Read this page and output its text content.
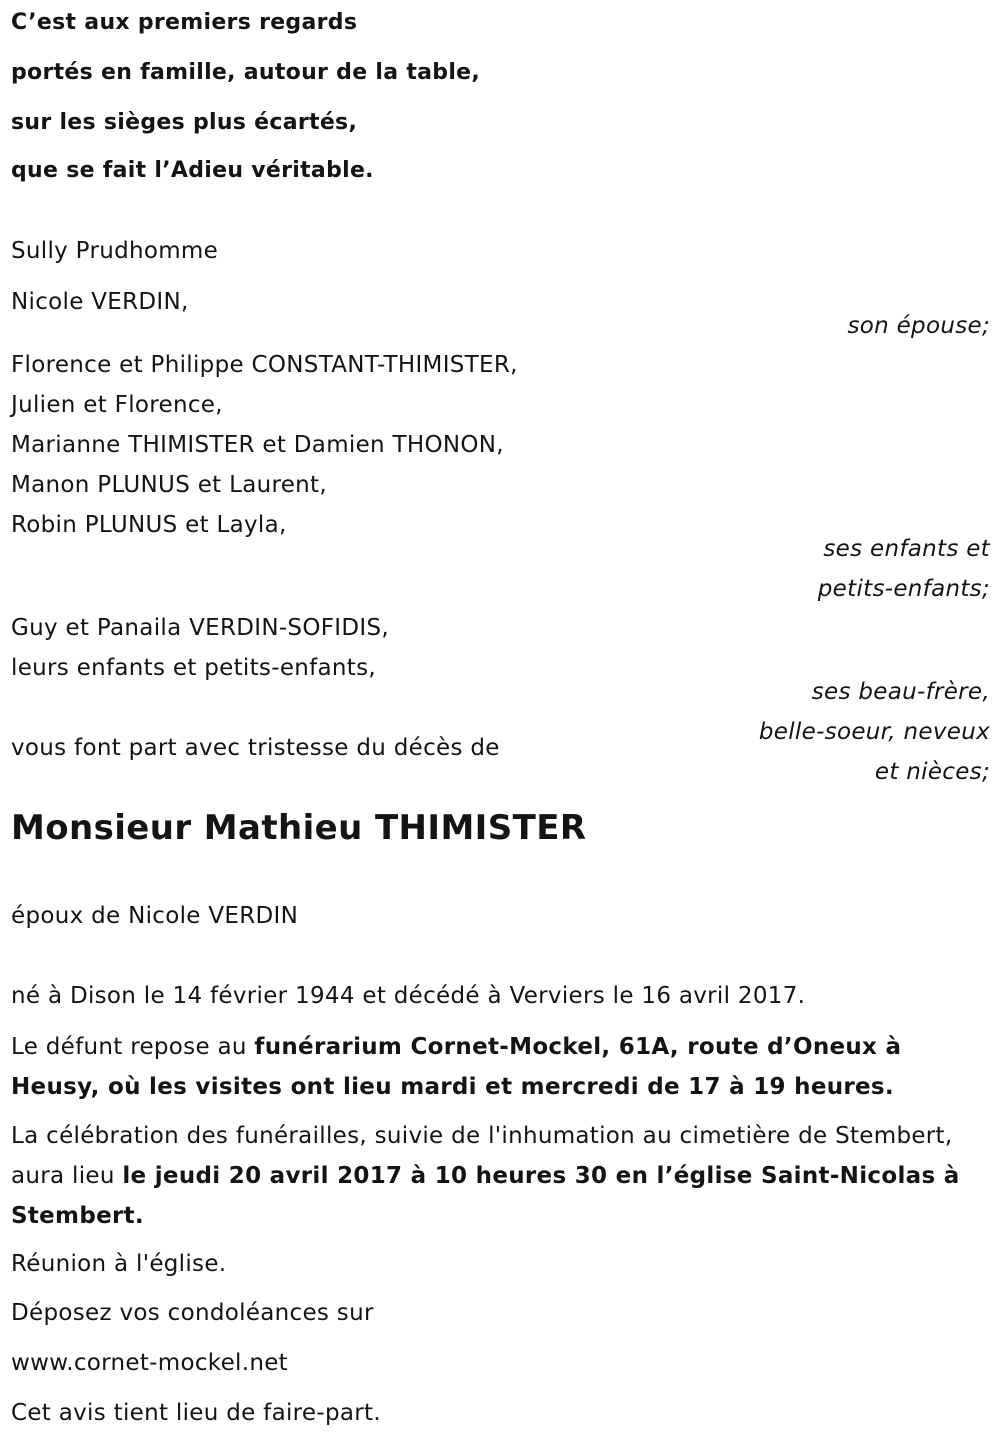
C’est aux premiers regards
portés en famille, autour de la table,
sur les sièges plus écartés,
que se fait l’Adieu véritable.
Sully Prudhomme
Nicole VERDIN,
son épouse;
Florence et Philippe CONSTANT-THIMISTER,
Julien et Florence,
Marianne THIMISTER et Damien THONON,
Manon PLUNUS et Laurent,
Robin PLUNUS et Layla,
ses enfants et
petits-enfants;
Guy et Panaila VERDIN-SOFIDIS,
leurs enfants et petits-enfants,
ses beau-frère,
belle-soeur, neveux
et nièces;
vous font part avec tristesse du décès de
Monsieur Mathieu THIMISTER
époux de Nicole VERDIN
né à Dison le 14 février 1944 et décédé à Verviers le 16 avril 2017.
Le défunt repose au funérarium Cornet-Mockel, 61A, route d’Oneux à Heusy, où les visites ont lieu mardi et mercredi de 17 à 19 heures.
La célébration des funérailles, suivie de l'inhumation au cimetière de Stembert, aura lieu le jeudi 20 avril 2017 à 10 heures 30 en l’église Saint-Nicolas à Stembert.
Réunion à l'église.
Déposez vos condoléances sur
www.cornet-mockel.net
Cet avis tient lieu de faire-part.
